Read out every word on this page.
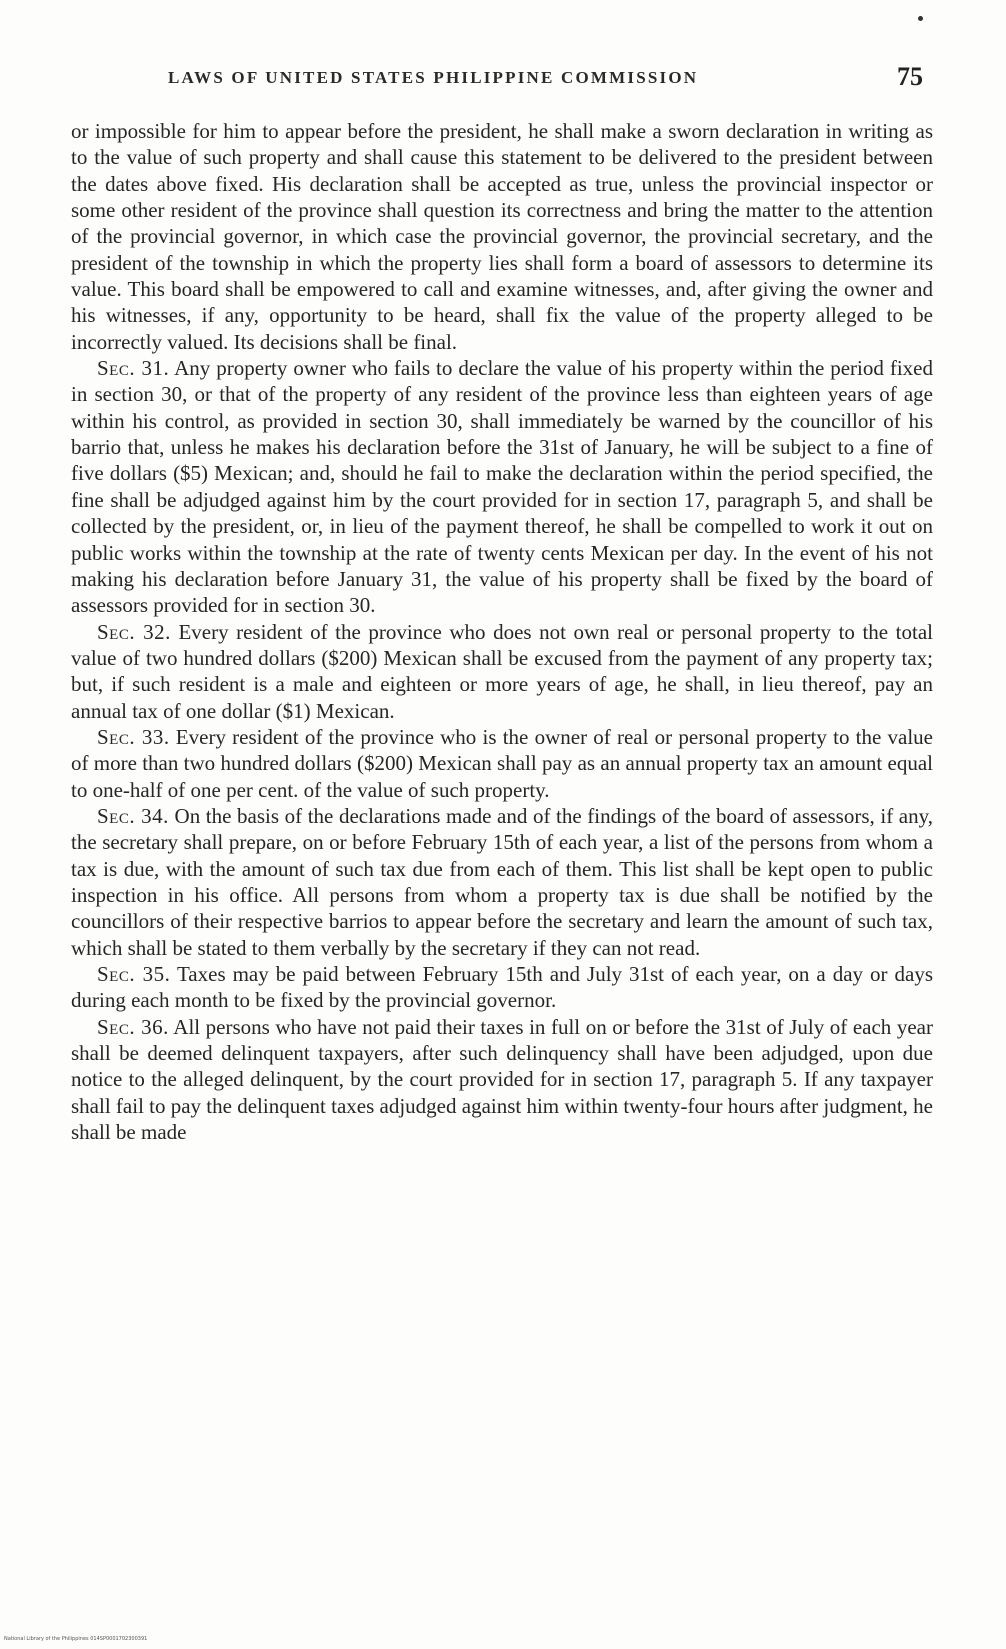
LAWS OF UNITED STATES PHILIPPINE COMMISSION	75

or impossible for him to appear before the president, he shall make a sworn declaration in writing as to the value of such property and shall cause this statement to be delivered to the president between the dates above fixed. His declaration shall be accepted as true, unless the provincial inspector or some other resident of the province shall question its correctness and bring the matter to the attention of the provincial governor, in which case the provincial governor, the provincial secretary, and the president of the township in which the property lies shall form a board of assessors to determine its value. This board shall be empowered to call and examine witnesses, and, after giving the owner and his witnesses, if any, opportunity to be heard, shall fix the value of the property alleged to be incorrectly valued. Its decisions shall be final.

Sec. 31. Any property owner who fails to declare the value of his property within the period fixed in section 30, or that of the property of any resident of the province less than eighteen years of age within his control, as provided in section 30, shall immediately be warned by the councillor of his barrio that, unless he makes his declaration before the 31st of January, he will be subject to a fine of five dollars ($5) Mexican; and, should he fail to make the declaration within the period specified, the fine shall be adjudged against him by the court provided for in section 17, paragraph 5, and shall be collected by the president, or, in lieu of the payment thereof, he shall be compelled to work it out on public works within the township at the rate of twenty cents Mexican per day. In the event of his not making his declaration before January 31, the value of his property shall be fixed by the board of assessors provided for in section 30.

Sec. 32. Every resident of the province who does not own real or personal property to the total value of two hundred dollars ($200) Mexican shall be excused from the payment of any property tax; but, if such resident is a male and eighteen or more years of age, he shall, in lieu thereof, pay an annual tax of one dollar ($1) Mexican.

Sec. 33. Every resident of the province who is the owner of real or personal property to the value of more than two hundred dollars ($200) Mexican shall pay as an annual property tax an amount equal to one-half of one per cent. of the value of such property.

Sec. 34. On the basis of the declarations made and of the findings of the board of assessors, if any, the secretary shall prepare, on or before February 15th of each year, a list of the persons from whom a tax is due, with the amount of such tax due from each of them. This list shall be kept open to public inspection in his office. All persons from whom a property tax is due shall be notified by the councillors of their respective barrios to appear before the secretary and learn the amount of such tax, which shall be stated to them verbally by the secretary if they can not read.

Sec. 35. Taxes may be paid between February 15th and July 31st of each year, on a day or days during each month to be fixed by the provincial governor.

Sec. 36. All persons who have not paid their taxes in full on or before the 31st of July of each year shall be deemed delinquent taxpayers, after such delinquency shall have been adjudged, upon due notice to the alleged delinquent, by the court provided for in section 17, paragraph 5. If any taxpayer shall fail to pay the delinquent taxes adjudged against him within twenty-four hours after judgment, he shall be made

National Library of the Philippines 014SP0001702300391
